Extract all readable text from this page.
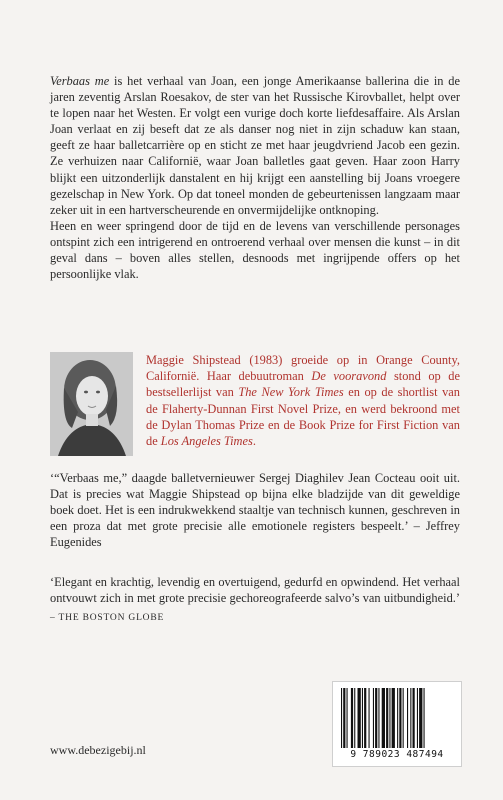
Verbaas me is het verhaal van Joan, een jonge Amerikaanse ballerina die in de jaren zeventig Arslan Roesakov, de ster van het Russische Kirovballet, helpt over te lopen naar het Westen. Er volgt een vurige doch korte liefdesaffaire. Als Arslan Joan verlaat en zij beseft dat ze als danser nog niet in zijn schaduw kan staan, geeft ze haar balletcarrière op en sticht ze met haar jeugdvriend Jacob een gezin. Ze verhuizen naar Californië, waar Joan balletles gaat geven. Haar zoon Harry blijkt een uitzonderlijk danstalent en hij krijgt een aanstelling bij Joans vroegere gezelschap in New York. Op dat toneel monden de gebeurtenissen langzaam maar zeker uit in een hartverscheurende en onvermijdelijke ontknoping.

Heen en weer springend door de tijd en de levens van verschillende personages ontspint zich een intrigerend en ontroerend verhaal over mensen die kunst – in dit geval dans – boven alles stellen, desnoods met ingrijpende offers op het persoonlijke vlak.

Maggie Shipstead (1983) groeide op in Orange County, Californië. Haar debuutroman De vooravond stond op de bestsellerlijst van The New York Times en op de shortlist van de Flaherty-Dunnan First Novel Prize, en werd bekroond met de Dylan Thomas Prize en de Book Prize for First Fiction van de Los Angeles Times.

‘“Verbaas me,” daagde balletvernieuwer Sergej Diaghilev Jean Cocteau ooit uit. Dat is precies wat Maggie Shipstead op bijna elke bladzijde van dit geweldige boek doet. Het is een indrukwekkend staaltje van technisch kunnen, geschreven in een proza dat met grote precisie alle emotionele registers bespeelt.’ – Jeffrey Eugenides

‘Elegant en krachtig, levendig en overtuigend, gedurfd en opwindend. Het verhaal ontvouwt zich in met grote precisie gechoreografeerde salvo’s van uitbundigheid.’ – THE BOSTON GLOBE

9 789023 487494
www.debezigebij.nl
